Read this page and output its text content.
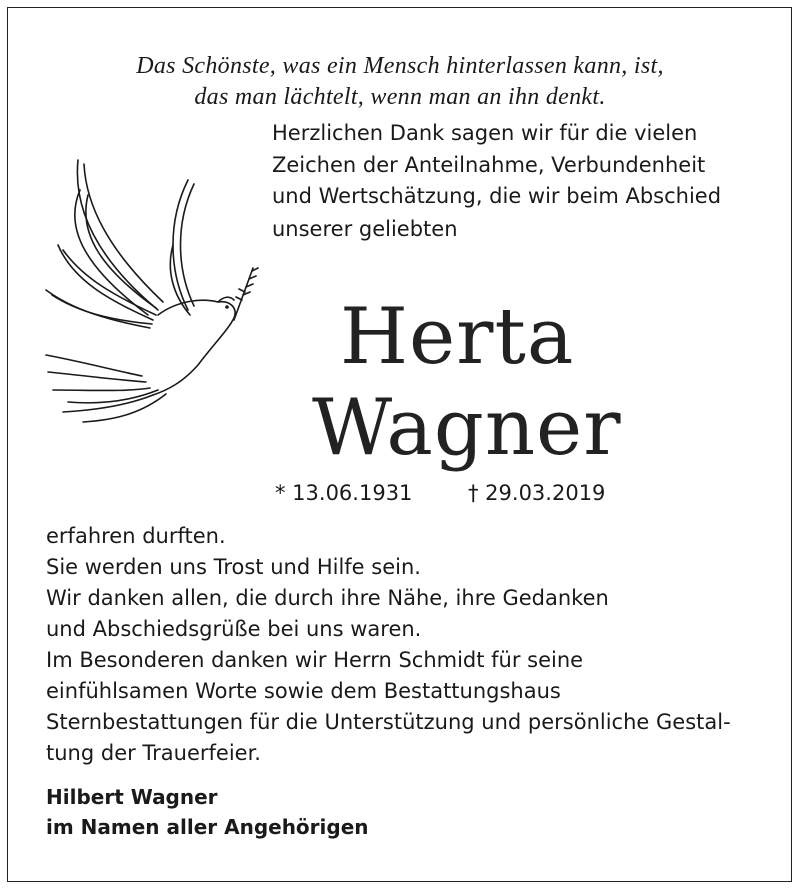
Das Schönste, was ein Mensch hinterlassen kann, ist,
das man lächtelt, wenn man an ihn denkt.
Herzlichen Dank sagen wir für die vielen
Zeichen der Anteilnahme, Verbundenheit
und Wertschätzung, die wir beim Abschied
unserer geliebten
Herta
Wagner
* 13.06.1931	† 29.03.2019
erfahren durften.
Sie werden uns Trost und Hilfe sein.
Wir danken allen, die durch ihre Nähe, ihre Gedanken
und Abschiedsgrüße bei uns waren.
Im Besonderen danken wir Herrn Schmidt für seine
einfühlsamen Worte sowie dem Bestattungshaus
Sternbestattungen für die Unterstützung und persönliche Gestal-
tung der Trauerfeier.
Hilbert Wagner
im Namen aller Angehörigen
